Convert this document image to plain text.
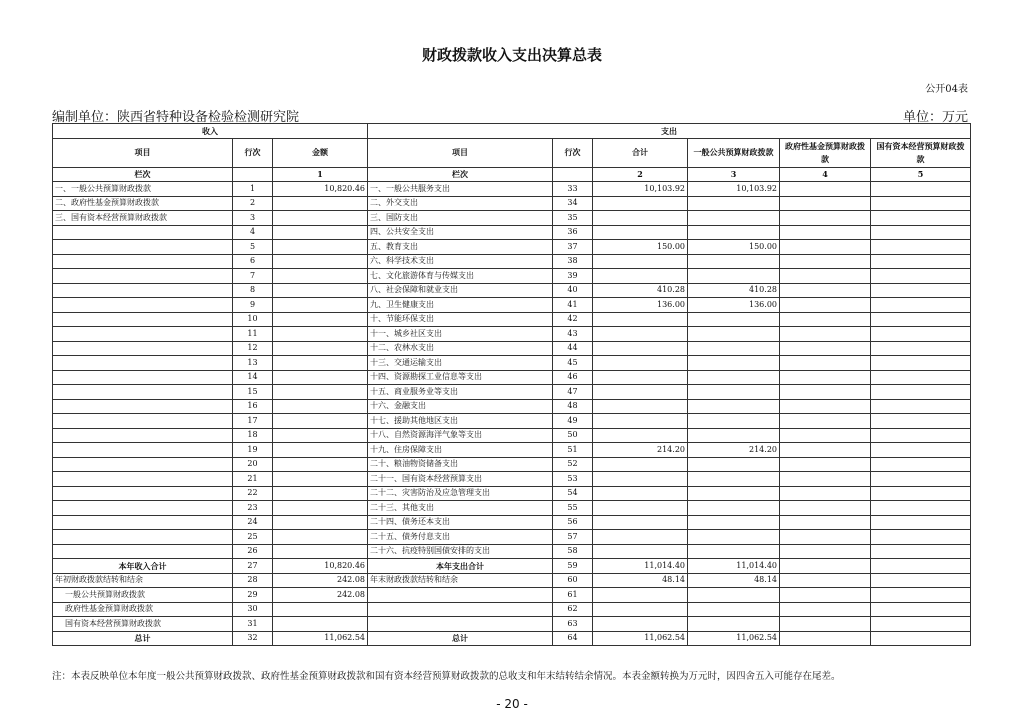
财政拨款收入支出决算总表
公开04表
编制单位：陕西省特种设备检验检测研究院	单位：万元
收入			支出					
项目	行次	金额	项目	行次	合计	一般公共预算财政拨款	政府性基金预算财政拨款	国有资本经营预算财政拨款
栏次		1	栏次		2	3	4	5
一、一般公共预算财政拨款	1	10,820.46	一、一般公共服务支出	33	10,103.92	10,103.92		
二、政府性基金预算财政拨款	2		二、外交支出	34				
三、国有资本经营预算财政拨款	3		三、国防支出	35				
	4		四、公共安全支出	36				
	5		五、教育支出	37	150.00	150.00		
	6		六、科学技术支出	38				
	7		七、文化旅游体育与传媒支出	39				
	8		八、社会保障和就业支出	40	410.28	410.28		
	9		九、卫生健康支出	41	136.00	136.00		
	10		十、节能环保支出	42				
	11		十一、城乡社区支出	43				
	12		十二、农林水支出	44				
	13		十三、交通运输支出	45				
	14		十四、资源勘探工业信息等支出	46				
	15		十五、商业服务业等支出	47				
	16		十六、金融支出	48				
	17		十七、援助其他地区支出	49				
	18		十八、自然资源海洋气象等支出	50				
	19		十九、住房保障支出	51	214.20	214.20		
	20		二十、粮油物资储备支出	52				
	21		二十一、国有资本经营预算支出	53				
	22		二十二、灾害防治及应急管理支出	54				
	23		二十三、其他支出	55				
	24		二十四、债务还本支出	56				
	25		二十五、债务付息支出	57				
	26		二十六、抗疫特别国债安排的支出	58				
本年收入合计	27	10,820.46	本年支出合计	59	11,014.40	11,014.40		
年初财政拨款结转和结余	28	242.08	年末财政拨款结转和结余	60	48.14	48.14		
一般公共预算财政拨款	29	242.08		61				
政府性基金预算财政拨款	30			62				
国有资本经营预算财政拨款	31			63				
总计	32	11,062.54	总计	64	11,062.54	11,062.54		
注：本表反映单位本年度一般公共预算财政拨款、政府性基金预算财政拨款和国有资本经营预算财政拨款的总收支和年末结转结余情况。本表金额转换为万元时，因四舍五入可能存在尾差。
- 20 -
